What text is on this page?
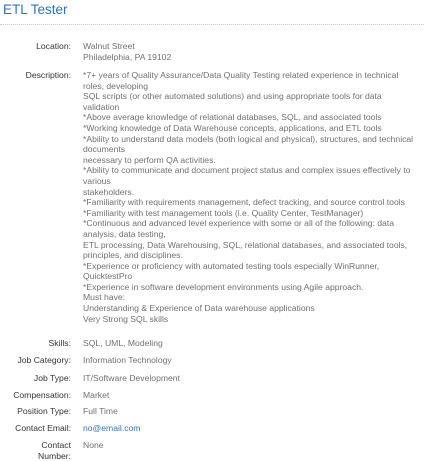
ETL Tester
Location: Walnut Street
Philadelphia, PA 19102
Description: *7+ years of Quality Assurance/Data Quality Testing related experience in technical
roles, developing
SQL scripts (or other automated solutions) and using appropriate tools for data
validation
*Above average knowledge of relational databases, SQL, and associated tools
*Working knowledge of Data Warehouse concepts, applications, and ETL tools
*Ability to understand data models (both logical and physical), structures, and technical
documents
necessary to perform QA activities.
*Ability to communicate and document project status and complex issues effectively to
various
stakeholders.
*Familiarity with requirements management, defect tracking, and source control tools
*Familiarity with test management tools (i.e. Quality Center, TestManager)
*Continuous and advanced level experience with some or all of the following: data
analysis, data testing,
ETL processing, Data Warehousing, SQL, relational databases, and associated tools,
principles, and disciplines.
*Experience or proficiency with automated testing tools especially WinRunner,
QuicktestPro
*Experience in software development environments using Agile approach.
Must have:
Understanding & Experience of Data warehouse applications
Very Strong SQL skills
Skills: SQL, UML, Modeling
Job Category: Information Technology
Job Type: IT/Software Development
Compensation: Market
Position Type: Full Time
Contact Email: no@email.com
Contact
Number:
None
